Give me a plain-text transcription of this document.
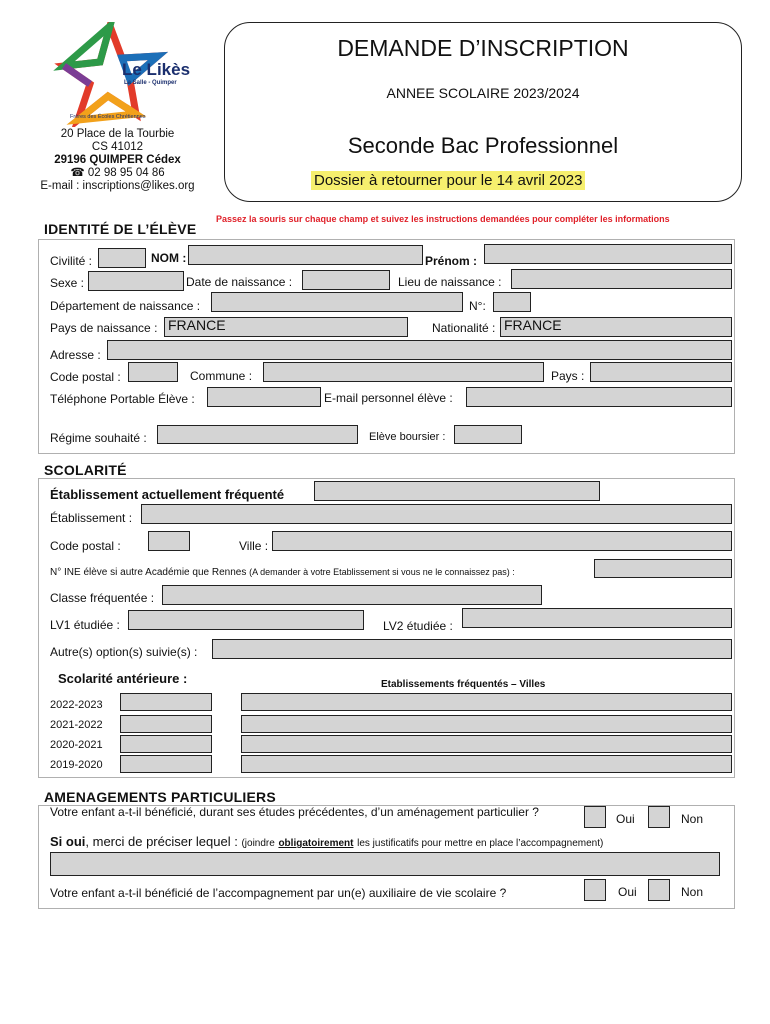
Le Likès
La Salle - Quimper
Frères des Écoles Chrétiennes
20 Place de la Tourbie
CS 41012
29196 QUIMPER Cédex
☎ 02 98 95 04 86
E-mail : inscriptions@likes.org
DEMANDE D’INSCRIPTION
ANNEE SCOLAIRE 2023/2024
Seconde Bac Professionnel
Dossier à retourner pour le 14 avril 2023
IDENTITÉ DE L’ÉLÈVE
Passez la souris sur chaque champ et suivez les instructions demandées pour compléter les informations
Civilité :	NOM :	Prénom :
Sexe :	Date de naissance :	Lieu de naissance :
Département de naissance :	N°:
Pays de naissance : FRANCE	Nationalité : FRANCE
Adresse :
Code postal :	Commune :	Pays :
Téléphone Portable Élève :	E-mail personnel élève :
Régime souhaité :	Elève boursier :
SCOLARITÉ
Établissement actuellement fréquenté
Établissement :
Code postal :	Ville :
N° INE élève si autre Académie que Rennes (A demander à votre Etablissement si vous ne le connaissez pas) :
Classe fréquentée :
LV1 étudiée :	LV2 étudiée :
Autre(s) option(s) suivie(s) :
Scolarité antérieure :	Etablissements fréquentés – Villes
2022-2023
2021-2022
2020-2021
2019-2020
AMENAGEMENTS PARTICULIERS
Votre enfant a-t-il bénéficié, durant ses études précédentes, d’un aménagement particulier ?	Oui	Non
Si oui, merci de préciser lequel : (joindre obligatoirement les justificatifs pour mettre en place l’accompagnement)
Votre enfant a-t-il bénéficié de l’accompagnement par un(e) auxiliaire de vie scolaire ?	Oui	Non
